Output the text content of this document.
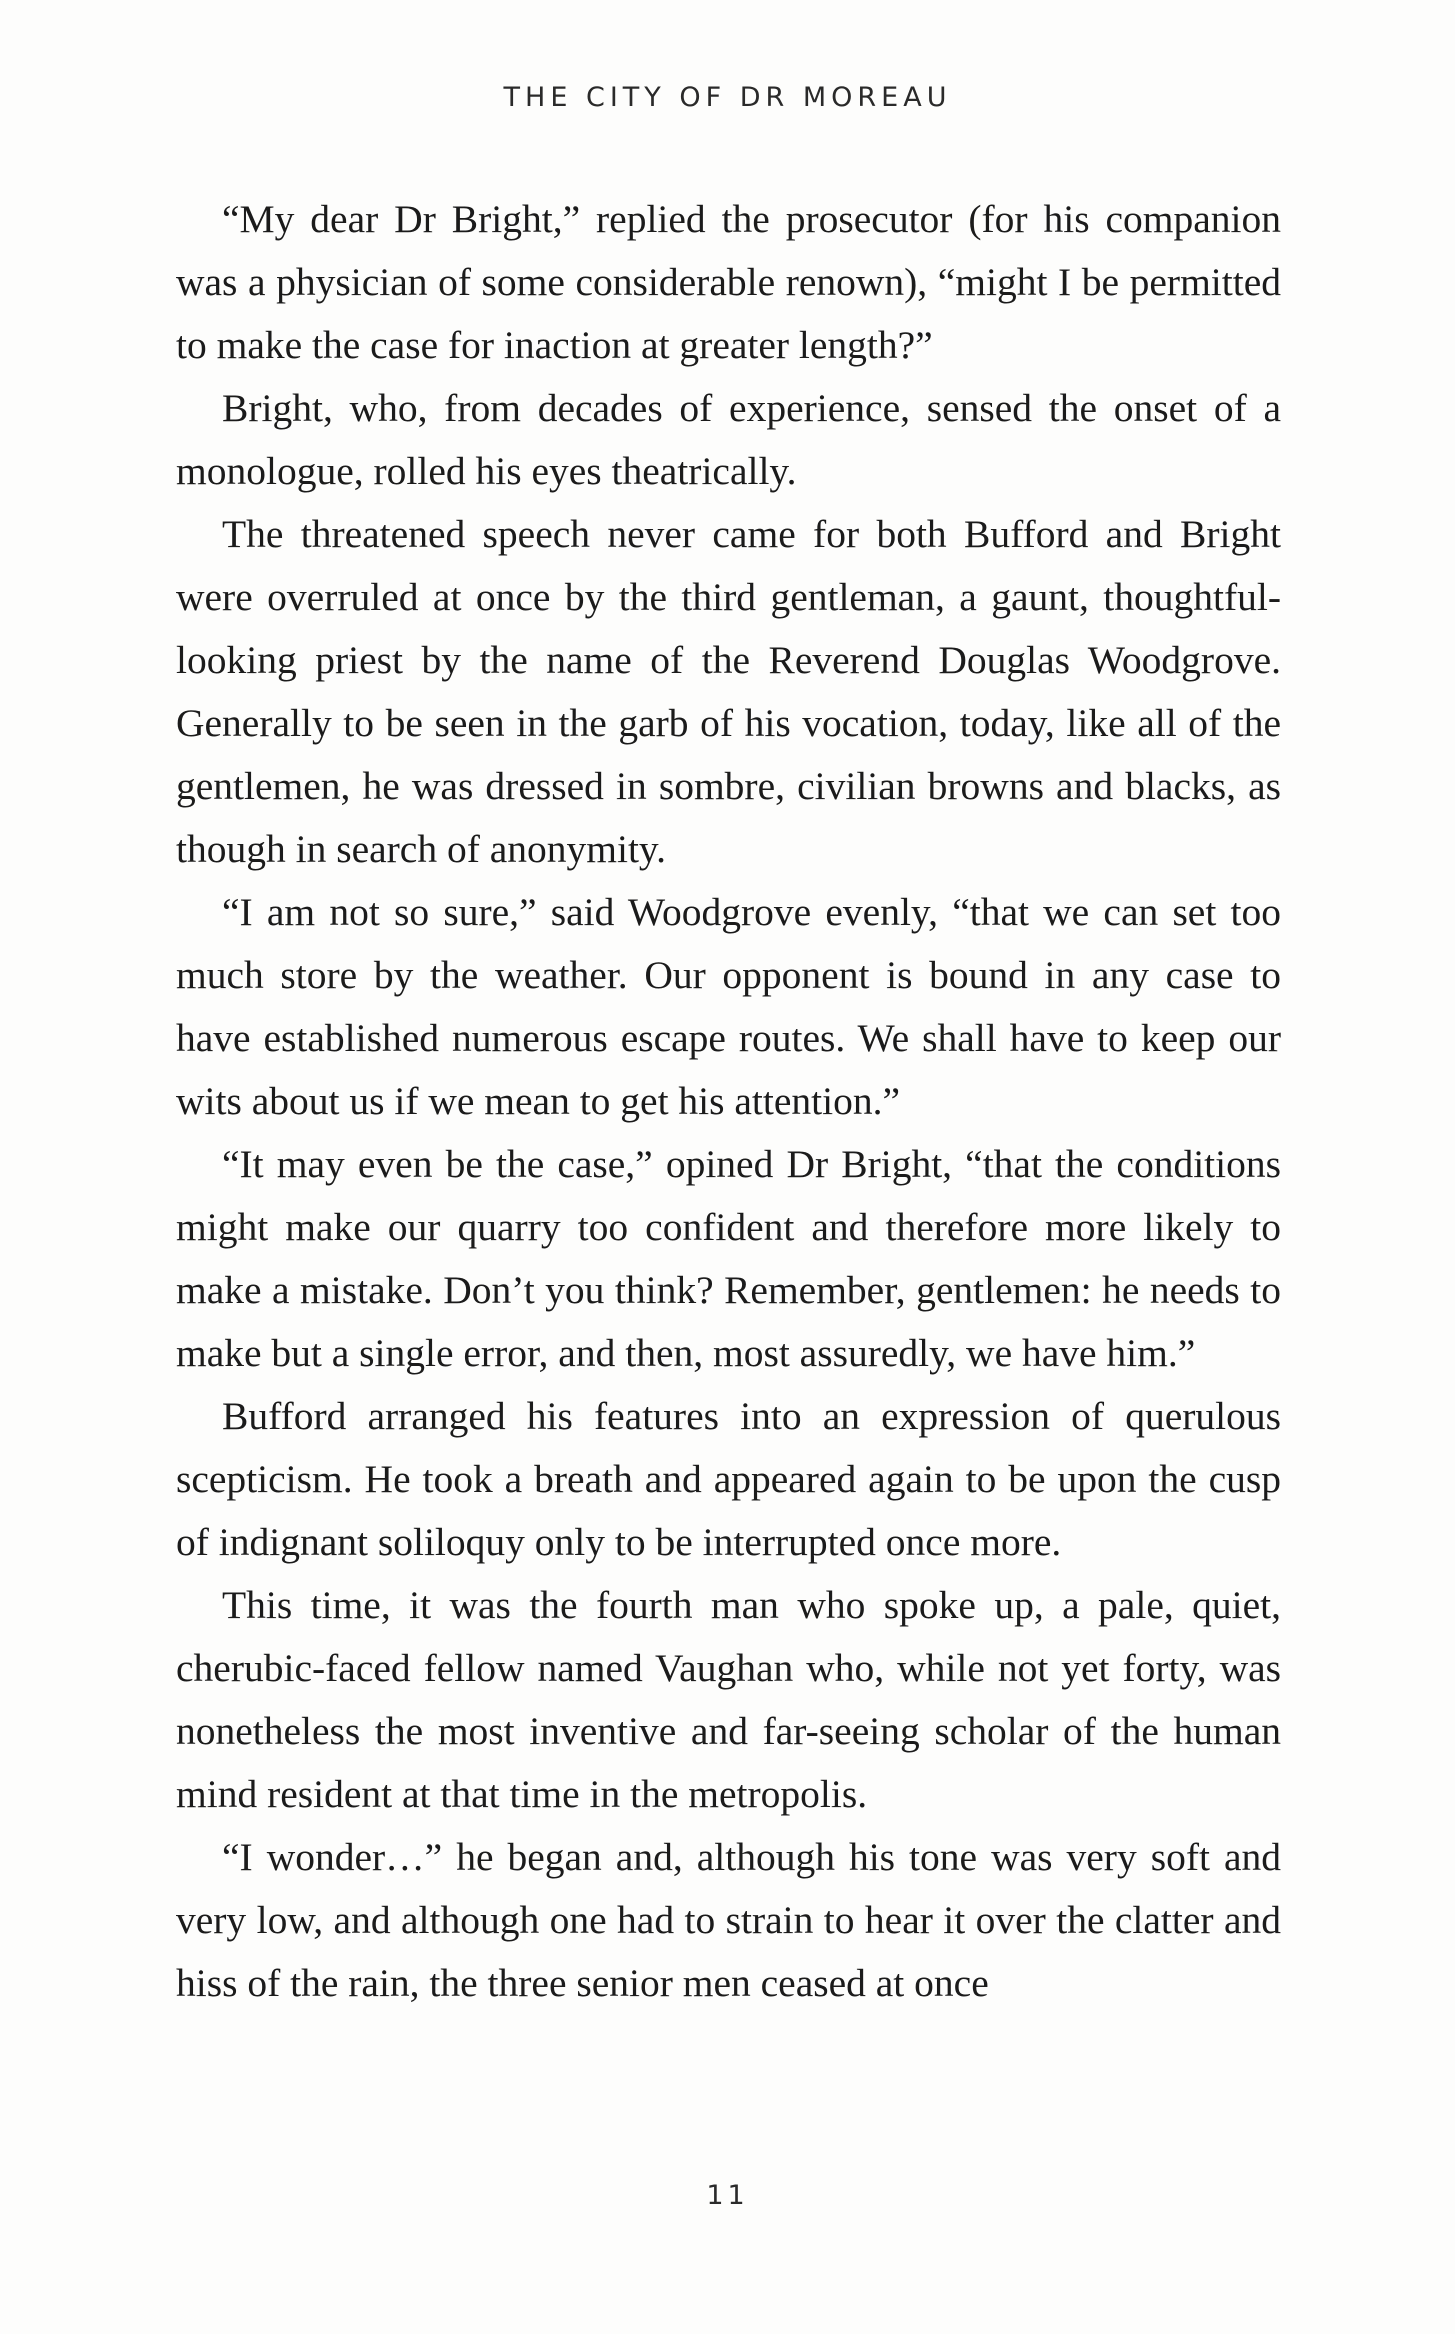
THE CITY OF DR MOREAU

“My dear Dr Bright,” replied the prosecutor (for his companion was a physician of some considerable renown), “might I be permitted to make the case for inaction at greater length?”

Bright, who, from decades of experience, sensed the onset of a monologue, rolled his eyes theatrically.

The threatened speech never came for both Bufford and Bright were overruled at once by the third gentleman, a gaunt, thoughtful-looking priest by the name of the Reverend Douglas Woodgrove. Generally to be seen in the garb of his vocation, today, like all of the gentlemen, he was dressed in sombre, civilian browns and blacks, as though in search of anonymity.

“I am not so sure,” said Woodgrove evenly, “that we can set too much store by the weather. Our opponent is bound in any case to have established numerous escape routes. We shall have to keep our wits about us if we mean to get his attention.”

“It may even be the case,” opined Dr Bright, “that the conditions might make our quarry too confident and therefore more likely to make a mistake. Don’t you think? Remember, gentlemen: he needs to make but a single error, and then, most assuredly, we have him.”

Bufford arranged his features into an expression of querulous scepticism. He took a breath and appeared again to be upon the cusp of indignant soliloquy only to be interrupted once more.

This time, it was the fourth man who spoke up, a pale, quiet, cherubic-faced fellow named Vaughan who, while not yet forty, was nonetheless the most inventive and far-seeing scholar of the human mind resident at that time in the metropolis.

“I wonder…” he began and, although his tone was very soft and very low, and although one had to strain to hear it over the clatter and hiss of the rain, the three senior men ceased at once

11
